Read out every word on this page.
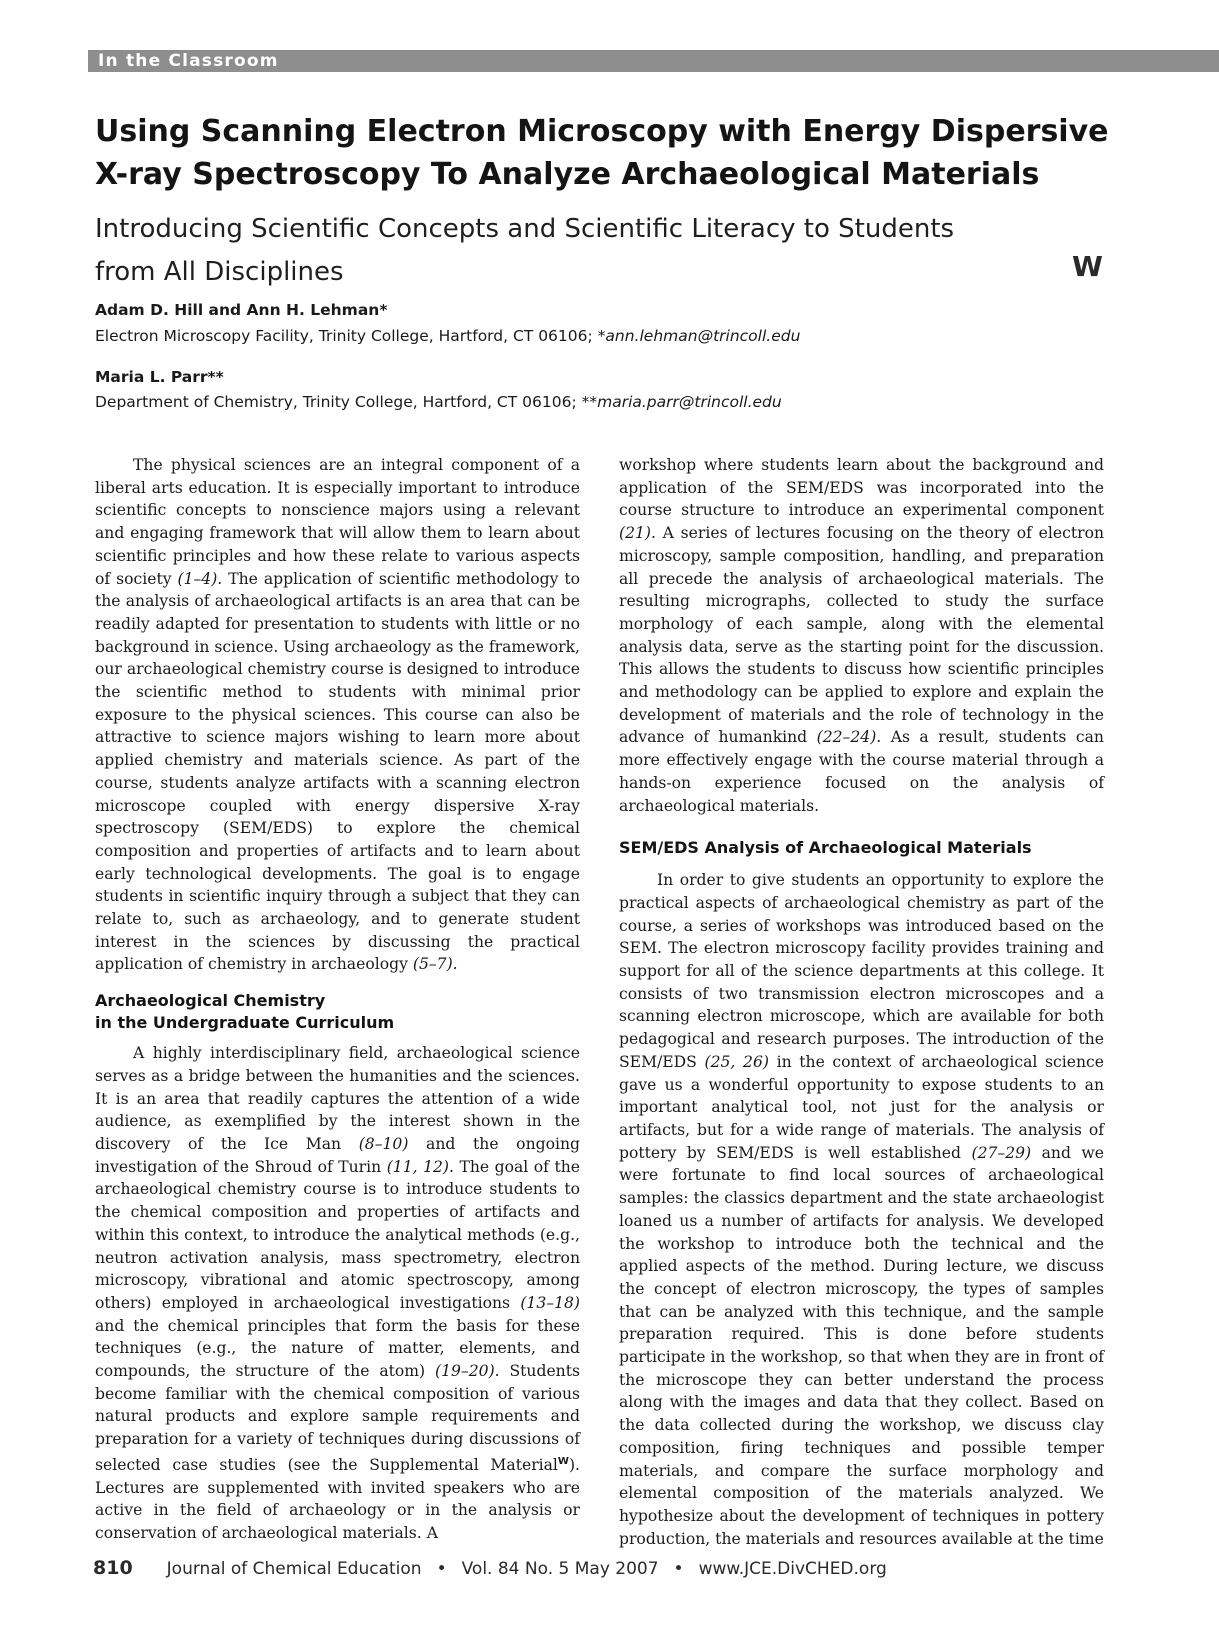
In the Classroom
Using Scanning Electron Microscopy with Energy Dispersive X-ray Spectroscopy To Analyze Archaeological Materials
Introducing Scientific Concepts and Scientific Literacy to Students from All Disciplines	W
Adam D. Hill and Ann H. Lehman*
Electron Microscopy Facility, Trinity College, Hartford, CT 06106; *ann.lehman@trincoll.edu
Maria L. Parr**
Department of Chemistry, Trinity College, Hartford, CT 06106; **maria.parr@trincoll.edu

The physical sciences are an integral component of a liberal arts education. It is especially important to introduce scientific concepts to nonscience majors using a relevant and engaging framework that will allow them to learn about scientific principles and how these relate to various aspects of society (1–4). The application of scientific methodology to the analysis of archaeological artifacts is an area that can be readily adapted for presentation to students with little or no background in science. Using archaeology as the framework, our archaeological chemistry course is designed to introduce the scientific method to students with minimal prior exposure to the physical sciences. This course can also be attractive to science majors wishing to learn more about applied chemistry and materials science. As part of the course, students analyze artifacts with a scanning electron microscope coupled with energy dispersive X-ray spectroscopy (SEM/EDS) to explore the chemical composition and properties of artifacts and to learn about early technological developments. The goal is to engage students in scientific inquiry through a subject that they can relate to, such as archaeology, and to generate student interest in the sciences by discussing the practical application of chemistry in archaeology (5–7).

Archaeological Chemistry
in the Undergraduate Curriculum

A highly interdisciplinary field, archaeological science serves as a bridge between the humanities and the sciences. It is an area that readily captures the attention of a wide audience, as exemplified by the interest shown in the discovery of the Ice Man (8–10) and the ongoing investigation of the Shroud of Turin (11, 12). The goal of the archaeological chemistry course is to introduce students to the chemical composition and properties of artifacts and within this context, to introduce the analytical methods (e.g., neutron activation analysis, mass spectrometry, electron microscopy, vibrational and atomic spectroscopy, among others) employed in archaeological investigations (13–18) and the chemical principles that form the basis for these techniques (e.g., the nature of matter, elements, and compounds, the structure of the atom) (19–20). Students become familiar with the chemical composition of various natural products and explore sample requirements and preparation for a variety of techniques during discussions of selected case studies (see the Supplemental Material$^W$). Lectures are supplemented with invited speakers who are active in the field of archaeology or in the analysis or conservation of archaeological materials. A

workshop where students learn about the background and application of the SEM/EDS was incorporated into the course structure to introduce an experimental component (21). A series of lectures focusing on the theory of electron microscopy, sample composition, handling, and preparation all precede the analysis of archaeological materials. The resulting micrographs, collected to study the surface morphology of each sample, along with the elemental analysis data, serve as the starting point for the discussion. This allows the students to discuss how scientific principles and methodology can be applied to explore and explain the development of materials and the role of technology in the advance of humankind (22–24). As a result, students can more effectively engage with the course material through a hands-on experience focused on the analysis of archaeological materials.

SEM/EDS Analysis of Archaeological Materials

In order to give students an opportunity to explore the practical aspects of archaeological chemistry as part of the course, a series of workshops was introduced based on the SEM. The electron microscopy facility provides training and support for all of the science departments at this college. It consists of two transmission electron microscopes and a scanning electron microscope, which are available for both pedagogical and research purposes. The introduction of the SEM/EDS (25, 26) in the context of archaeological science gave us a wonderful opportunity to expose students to an important analytical tool, not just for the analysis or artifacts, but for a wide range of materials. The analysis of pottery by SEM/EDS is well established (27–29) and we were fortunate to find local sources of archaeological samples: the classics department and the state archaeologist loaned us a number of artifacts for analysis. We developed the workshop to introduce both the technical and the applied aspects of the method. During lecture, we discuss the concept of electron microscopy, the types of samples that can be analyzed with this technique, and the sample preparation required. This is done before students participate in the workshop, so that when they are in front of the microscope they can better understand the process along with the images and data that they collect. Based on the data collected during the workshop, we discuss clay composition, firing techniques and possible temper materials, and compare the surface morphology and elemental composition of the materials analyzed. We hypothesize about the development of techniques in pottery production, the materials and resources available at the time

810 Journal of Chemical Education • Vol. 84 No. 5 May 2007 • www.JCE.DivCHED.org
